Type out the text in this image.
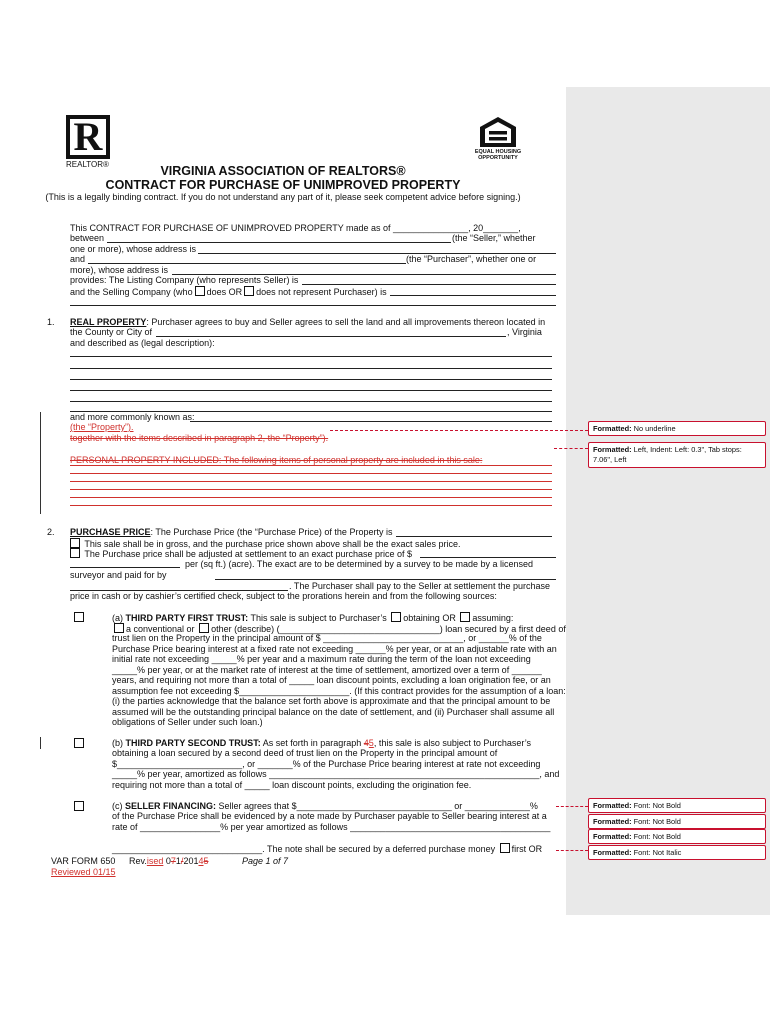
R
REALTOR®
EQUAL HOUSING OPPORTUNITY
VIRGINIA ASSOCIATION OF REALTORS®
CONTRACT FOR PURCHASE OF UNIMPROVED PROPERTY
(This is a legally binding contract. If you do not understand any part of it, please seek competent advice before signing.)
This CONTRACT FOR PURCHASE OF UNIMPROVED PROPERTY made as of _______________, 20_______,
between	(the “Seller,” whether
one or more), whose address is
and	(the “Purchaser”, whether one or
more), whose address is
provides: The Listing Company (who represents Seller) is
and the Selling Company (who does OR does not represent Purchaser) is
1. REAL PROPERTY: Purchaser agrees to buy and Seller agrees to sell the land and all improvements thereon located in
the County or City of	, Virginia
and described as (legal description):
and more commonly known as:
(the “Property”).
together with the items described in paragraph 2, the “Property”).
PERSONAL PROPERTY INCLUDED: The following items of personal property are included in this sale:
2. PURCHASE PRICE: The Purchase Price (the “Purchase Price) of the Property is
This sale shall be in gross, and the purchase price shown above shall be the exact sales price.
The Purchase price shall be adjusted at settlement to an exact purchase price of $
per (sq ft.) (acre). The exact are to be determined by a survey to be made by a licensed
surveyor and paid for by
. The Purchaser shall pay to the Seller at settlement the purchase
price in cash or by cashier’s certified check, subject to the prorations herein and from the following sources:
(a) THIRD PARTY FIRST TRUST: This sale is subject to Purchaser’s obtaining OR assuming:
a conventional or other (describe) (________________________________) loan secured by a first deed of
trust lien on the Property in the principal amount of $ ____________________________, or ______% of the
Purchase Price bearing interest at a fixed rate not exceeding ______% per year, or at an adjustable rate with an
initial rate not exceeding _____% per year and a maximum rate during the term of the loan not exceeding
_____% per year, or at the market rate of interest at the time of settlement, amortized over a term of ______
years, and requiring not more than a total of _____ loan discount points, excluding a loan origination fee, or an
assumption fee not exceeding $______________________. (If this contract provides for the assumption of a loan:
(i) the parties acknowledge that the balance set forth above is approximate and that the principal amount to be
assumed will be the outstanding principal balance on the date of settlement, and (ii) Purchaser shall assume all
obligations of Seller under such loan.)
(b) THIRD PARTY SECOND TRUST: As set forth in paragraph 45, this sale is also subject to Purchaser’s
obtaining a loan secured by a second deed of trust lien on the Property in the principal amount of
$_________________________, or _______% of the Purchase Price bearing interest at rate not exceeding
_____% per year, amortized as follows ______________________________________________________, and
requiring not more than a total of _____ loan discount points, excluding the origination fee.
(c) SELLER FINANCING: Seller agrees that $_______________________________ or _____________%
of the Purchase Price shall be evidenced by a note made by Purchaser payable to Seller bearing interest at a
rate of ________________% per year amortized as follows ________________________________________
______________________________. The note shall be secured by a deferred purchase money first OR
VAR FORM 650 Rev.ised 071/20145	Page 1 of 7
Reviewed 01/15
Formatted: No underline
Formatted: Left, Indent: Left: 0.3", Tab stops: 7.06", Left
Formatted: Font: Not Bold
Formatted: Font: Not Bold
Formatted: Font: Not Bold
Formatted: Font: Not Italic
